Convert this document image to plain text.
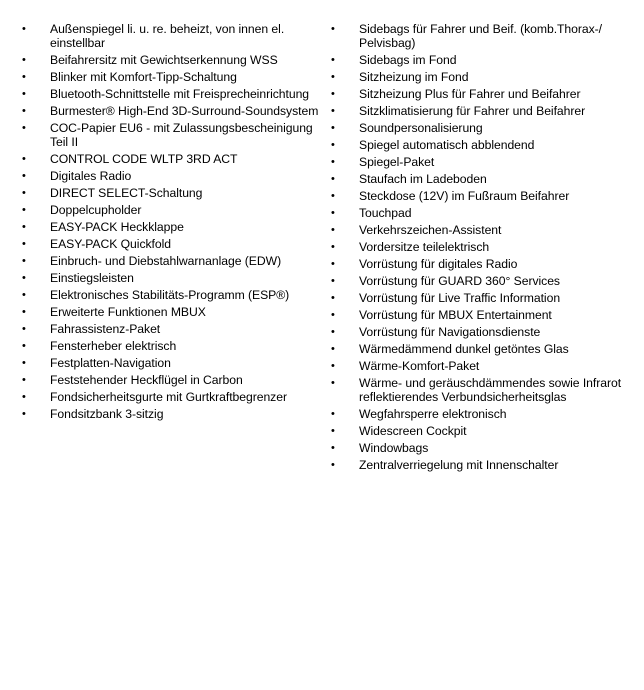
•	Außenspiegel li. u. re. beheizt, von innen el. einstellbar
•	Beifahrersitz mit Gewichtserkennung WSS
•	Blinker mit Komfort-Tipp-Schaltung
•	Bluetooth-Schnittstelle mit Freisprecheinrichtung
•	Burmester® High-End 3D-Surround-Soundsystem
•	COC-Papier EU6 - mit Zulassungsbescheinigung Teil II
•	CONTROL CODE WLTP 3RD ACT
•	Digitales Radio
•	DIRECT SELECT-Schaltung
•	Doppelcupholder
•	EASY-PACK Heckklappe
•	EASY-PACK Quickfold
•	Einbruch- und Diebstahlwarnanlage (EDW)
•	Einstiegsleisten
•	Elektronisches Stabilitäts-Programm (ESP®)
•	Erweiterte Funktionen MBUX
•	Fahrassistenz-Paket
•	Fensterheber elektrisch
•	Festplatten-Navigation
•	Feststehender Heckflügel in Carbon
•	Fondsicherheitsgurte mit Gurtkraftbegrenzer
•	Fondsitzbank 3-sitzig
•	Sidebags für Fahrer und Beif. (komb.Thorax-/ Pelvisbag)
•	Sidebags im Fond
•	Sitzheizung im Fond
•	Sitzheizung Plus für Fahrer und Beifahrer
•	Sitzklimatisierung für Fahrer und Beifahrer
•	Soundpersonalisierung
•	Spiegel automatisch abblendend
•	Spiegel-Paket
•	Staufach im Ladeboden
•	Steckdose (12V) im Fußraum Beifahrer
•	Touchpad
•	Verkehrszeichen-Assistent
•	Vordersitze teilelektrisch
•	Vorrüstung für digitales Radio
•	Vorrüstung für GUARD 360° Services
•	Vorrüstung für Live Traffic Information
•	Vorrüstung für MBUX Entertainment
•	Vorrüstung für Navigationsdienste
•	Wärmedämmend dunkel getöntes Glas
•	Wärme-Komfort-Paket
•	Wärme- und geräuschdämmendes sowie Infrarot reflektierendes Verbundsicherheitsglas
•	Wegfahrsperre elektronisch
•	Widescreen Cockpit
•	Windowbags
•	Zentralverriegelung mit Innenschalter
